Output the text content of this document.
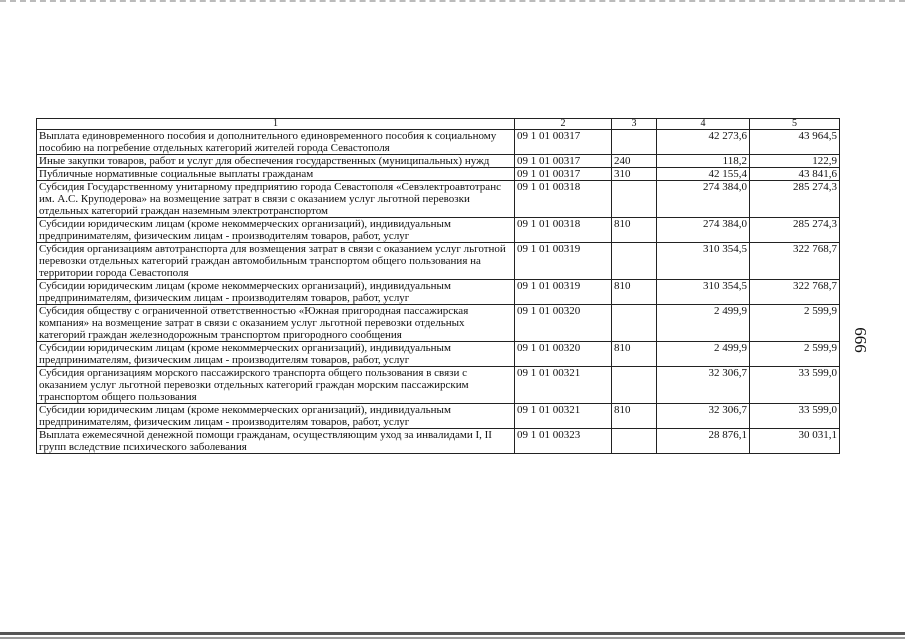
1	2	3	4	5
Выплата единовременного пособия и дополнительного единовременного пособия к социальному пособию на погребение отдельных категорий жителей города Севастополя	09 1 01 00317		42 273,6	43 964,5
Иные закупки товаров, работ и услуг для обеспечения государственных (муниципальных) нужд	09 1 01 00317	240	118,2	122,9
Публичные нормативные социальные выплаты гражданам	09 1 01 00317	310	42 155,4	43 841,6
Субсидия Государственному унитарному предприятию города Севастополя «Севэлектроавтотранс им. А.С. Круподерова» на возмещение затрат в связи с оказанием услуг льготной перевозки отдельных категорий граждан наземным электротранспортом	09 1 01 00318		274 384,0	285 274,3
Субсидии юридическим лицам (кроме некоммерческих организаций), индивидуальным предпринимателям, физическим лицам - производителям товаров, работ, услуг	09 1 01 00318	810	274 384,0	285 274,3
Субсидия организациям автотранспорта для возмещения затрат в связи с оказанием услуг льготной перевозки отдельных категорий граждан автомобильным транспортом общего пользования на территории города Севастополя	09 1 01 00319		310 354,5	322 768,7
Субсидии юридическим лицам (кроме некоммерческих организаций), индивидуальным предпринимателям, физическим лицам - производителям товаров, работ, услуг	09 1 01 00319	810	310 354,5	322 768,7
Субсидия обществу с ограниченной ответственностью «Южная пригородная пассажирская компания» на возмещение затрат в связи с оказанием услуг льготной перевозки отдельных категорий граждан железнодорожным транспортом пригородного сообщения	09 1 01 00320		2 499,9	2 599,9
Субсидии юридическим лицам (кроме некоммерческих организаций), индивидуальным предпринимателям, физическим лицам - производителям товаров, работ, услуг	09 1 01 00320	810	2 499,9	2 599,9
Субсидия организациям морского пассажирского транспорта общего пользования в связи с оказанием услуг льготной перевозки отдельных категорий граждан морским пассажирским транспортом общего пользования	09 1 01 00321		32 306,7	33 599,0
Субсидии юридическим лицам (кроме некоммерческих организаций), индивидуальным предпринимателям, физическим лицам - производителям товаров, работ, услуг	09 1 01 00321	810	32 306,7	33 599,0
Выплата ежемесячной денежной помощи гражданам, осуществляющим уход за инвалидами I, II групп вследствие психического заболевания	09 1 01 00323		28 876,1	30 031,1
666
